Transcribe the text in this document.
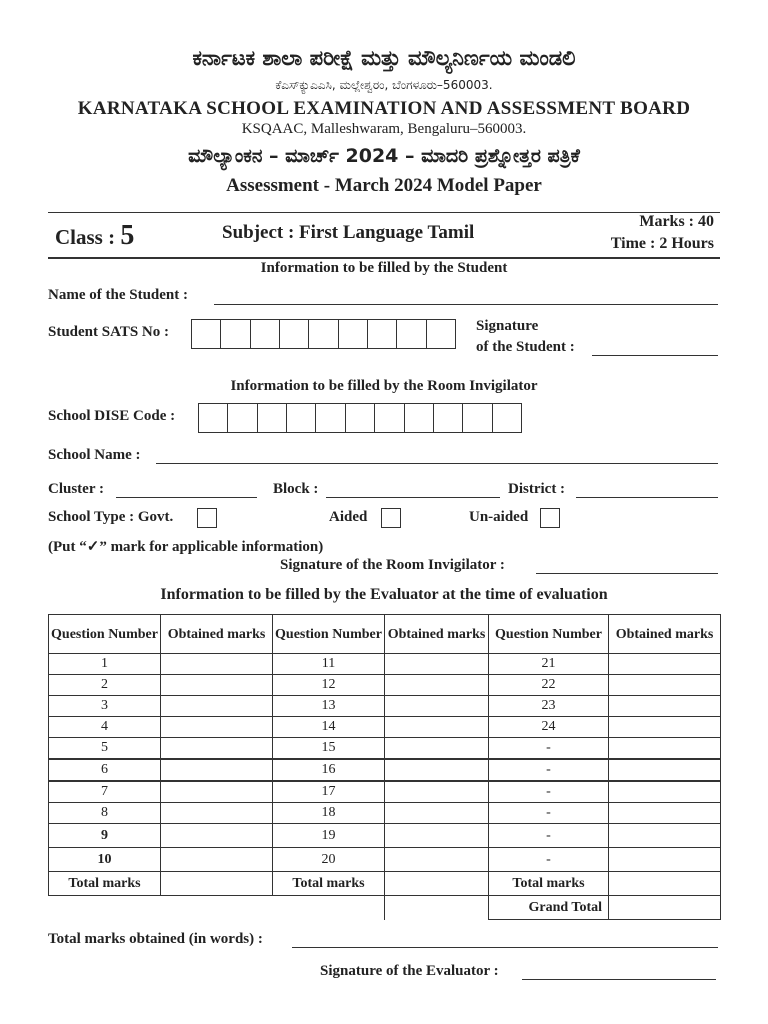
ಕರ್ನಾಟಕ ಶಾಲಾ ಪರೀಕ್ಷೆ ಮತ್ತು ಮೌಲ್ಯನಿರ್ಣಯ ಮಂಡಲಿ
ಕೆಎಸ್‌ಕ್ಯುಎಎಸಿ, ಮಲ್ಲೇಶ್ವರಂ, ಬೆಂಗಳೂರು–560003.
KARNATAKA SCHOOL EXAMINATION AND ASSESSMENT BOARD
KSQAAC, Malleshwaram, Bengaluru–560003.
ಮೌಲ್ಯಾಂಕನ – ಮಾರ್ಚ್ 2024 – ಮಾದರಿ ಪ್ರಶ್ನೋತ್ತರ ಪತ್ರಿಕೆ
Assessment - March 2024 Model Paper
Class : 5	Subject : First Language Tamil
Marks : 40
Time : 2 Hours
Information to be filled by the Student
Name of the Student :
Student SATS No :	Signature
of the Student :
Information to be filled by the Room Invigilator
School DISE Code :
School Name :
Cluster :	Block :	District :
School Type : Govt.	Aided	Un-aided
(Put “✓” mark for applicable information)
Signature of the Room Invigilator :
Information to be filled by the Evaluator at the time of evaluation
Question Number	Obtained marks	Question Number	Obtained marks	Question Number	Obtained marks
1		11		21	
2		12		22	
3		13		23	
4		14		24	
5		15		-	
6		16		-	
7		17		-	
8		18		-	
9		19		-	
10		20		-	
Total marks		Total marks		Total marks	
				Grand Total	
Total marks obtained (in words) :
Signature of the Evaluator :
